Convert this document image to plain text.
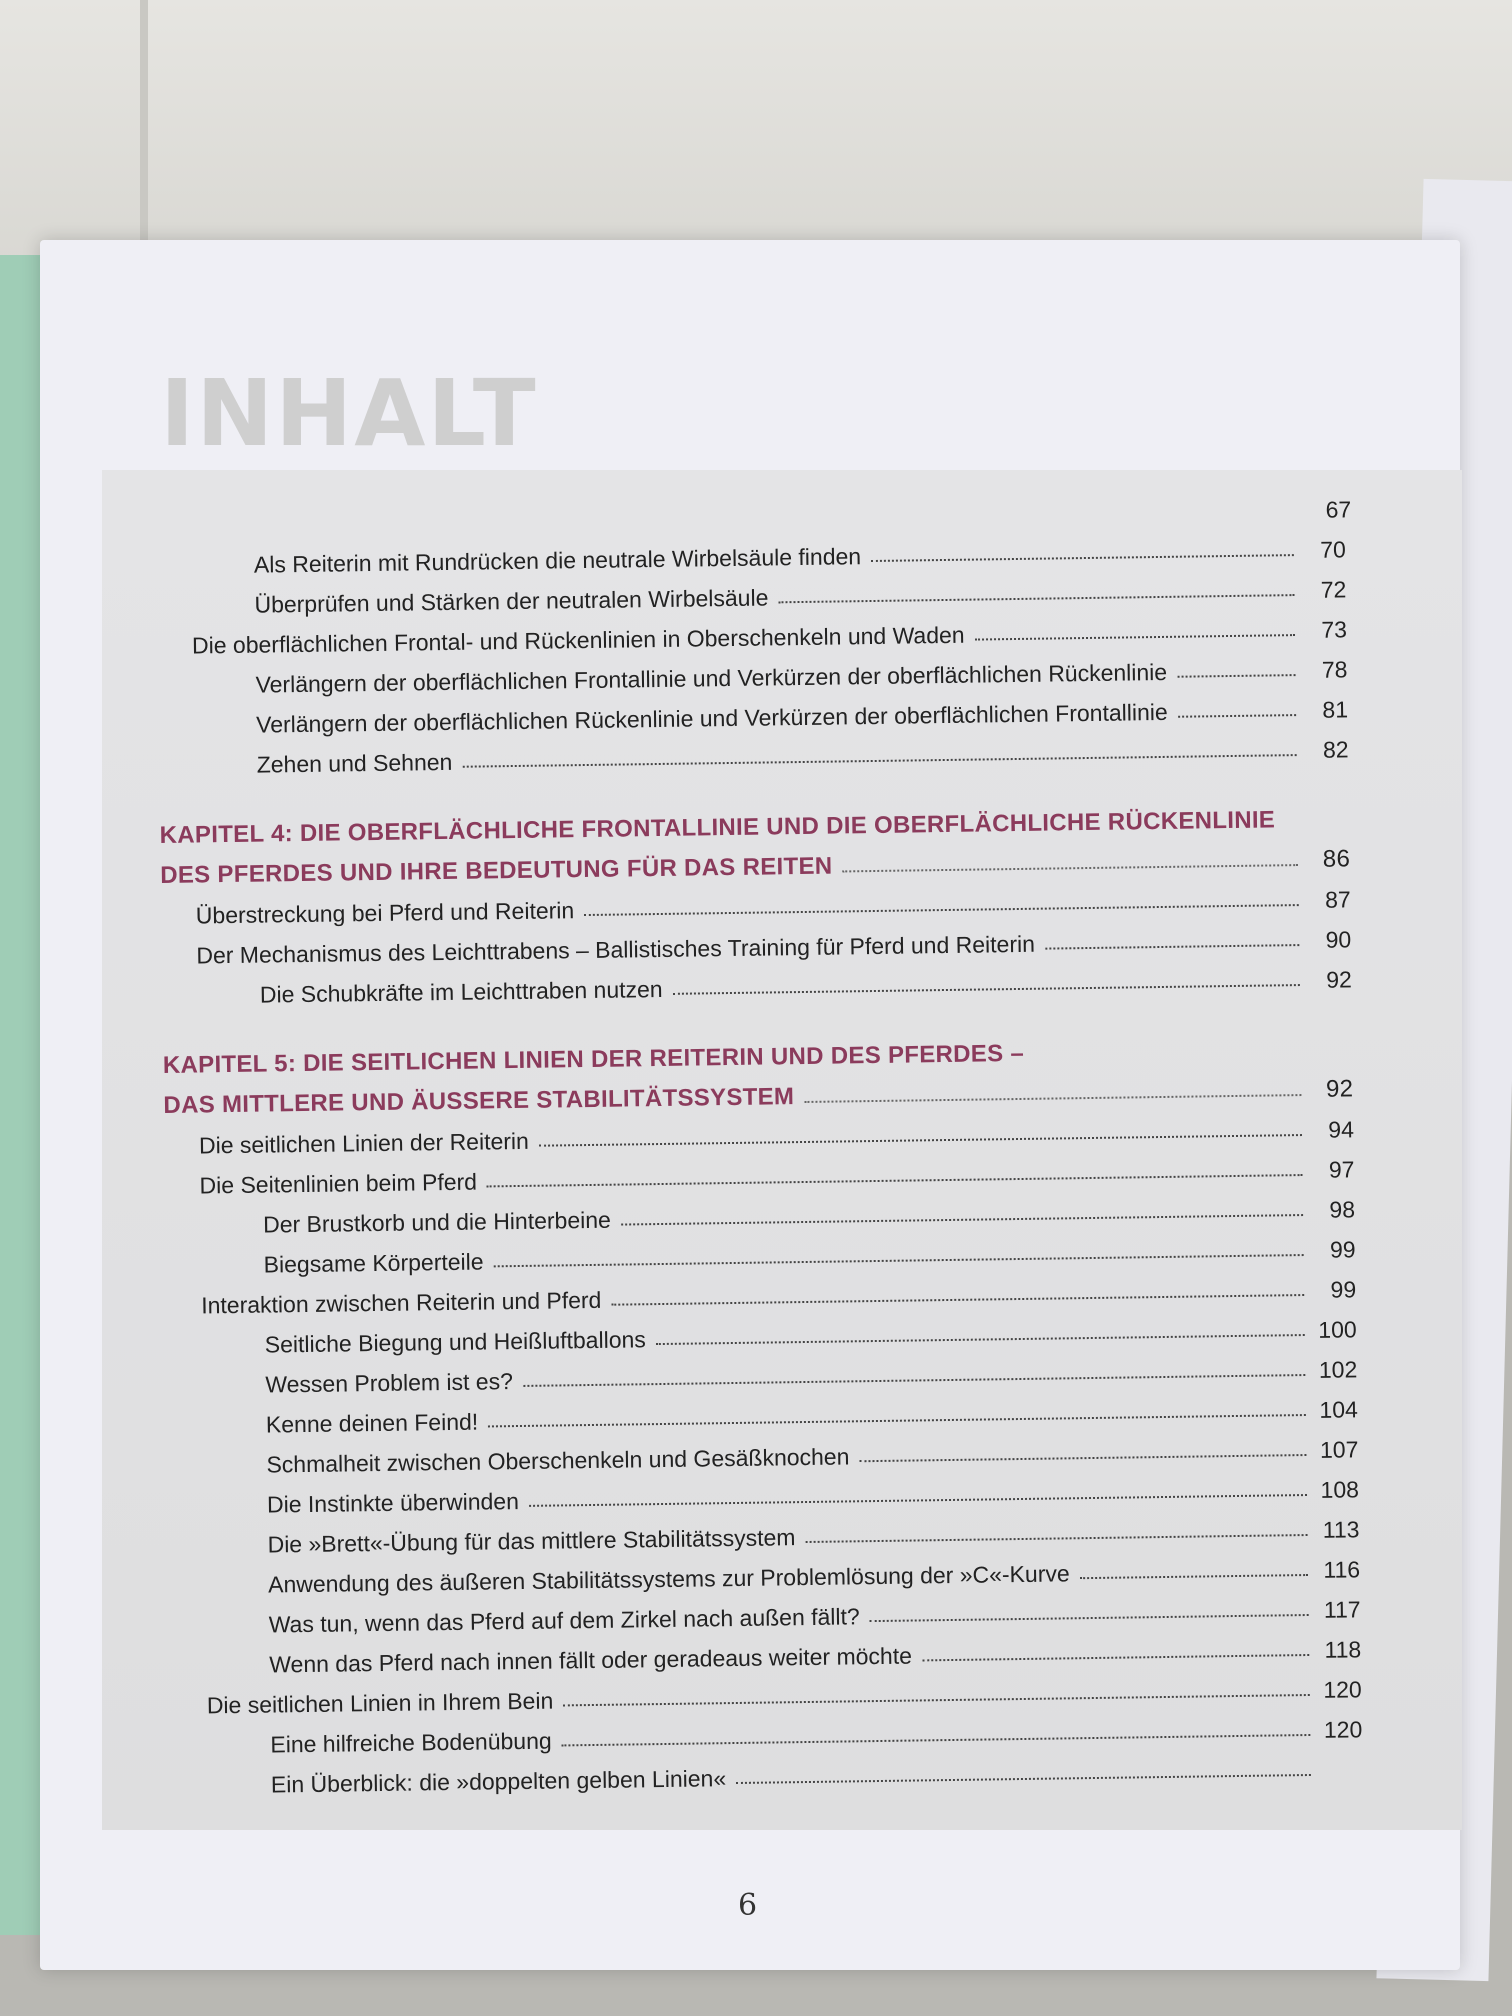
INHALT
67
Als Reiterin mit Rundrücken die neutrale Wirbelsäule finden	70
Überprüfen und Stärken der neutralen Wirbelsäule	72
Die oberflächlichen Frontal- und Rückenlinien in Oberschenkeln und Waden	73
Verlängern der oberflächlichen Frontallinie und Verkürzen der oberflächlichen Rückenlinie	78
Verlängern der oberflächlichen Rückenlinie und Verkürzen der oberflächlichen Frontallinie	81
Zehen und Sehnen	82
KAPITEL 4: DIE OBERFLÄCHLICHE FRONTALLINIE UND DIE OBERFLÄCHLICHE RÜCKENLINIE
DES PFERDES UND IHRE BEDEUTUNG FÜR DAS REITEN	86
Überstreckung bei Pferd und Reiterin	87
Der Mechanismus des Leichttrabens – Ballistisches Training für Pferd und Reiterin	90
Die Schubkräfte im Leichttraben nutzen	92
KAPITEL 5: DIE SEITLICHEN LINIEN DER REITERIN UND DES PFERDES –
DAS MITTLERE UND ÄUSSERE STABILITÄTSSYSTEM	92
Die seitlichen Linien der Reiterin	94
Die Seitenlinien beim Pferd	97
Der Brustkorb und die Hinterbeine	98
Biegsame Körperteile	99
Interaktion zwischen Reiterin und Pferd	99
Seitliche Biegung und Heißluftballons	100
Wessen Problem ist es?	102
Kenne deinen Feind!	104
Schmalheit zwischen Oberschenkeln und Gesäßknochen	107
Die Instinkte überwinden	108
Die »Brett«-Übung für das mittlere Stabilitätssystem	113
Anwendung des äußeren Stabilitätssystems zur Problemlösung der »C«-Kurve	116
Was tun, wenn das Pferd auf dem Zirkel nach außen fällt?	117
Wenn das Pferd nach innen fällt oder geradeaus weiter möchte	118
Die seitlichen Linien in Ihrem Bein	120
Eine hilfreiche Bodenübung	120
Ein Überblick: die »doppelten gelben Linien«
6
